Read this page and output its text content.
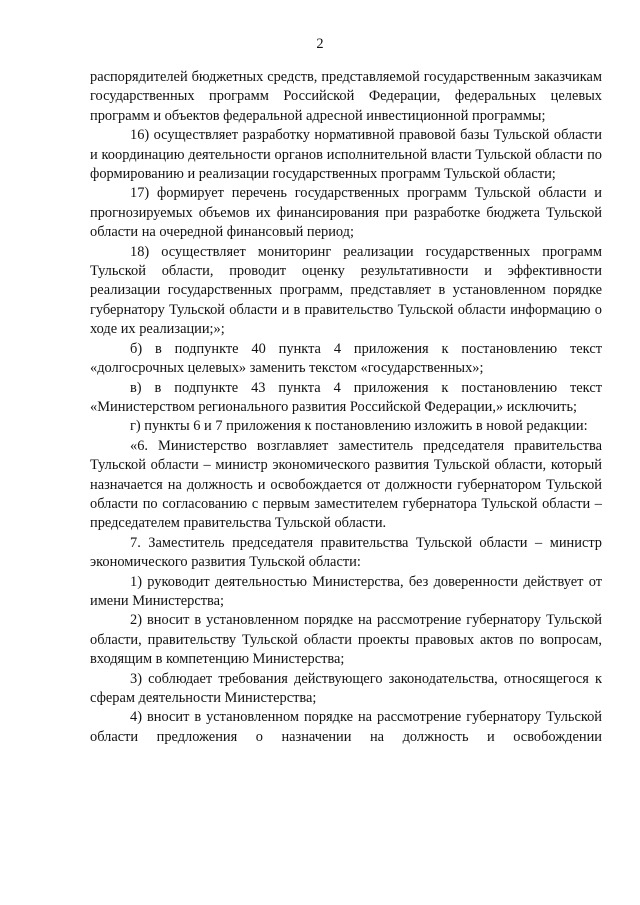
2

распорядителей бюджетных средств, представляемой государственным заказчикам государственных программ Российской Федерации, федеральных целевых программ и объектов федеральной адресной инвестиционной программы;

16) осуществляет разработку нормативной правовой базы Тульской области и координацию деятельности органов исполнительной власти Тульской области по формированию и реализации государственных программ Тульской области;

17) формирует перечень государственных программ Тульской области и прогнозируемых объемов их финансирования при разработке бюджета Тульской области на очередной финансовый период;

18) осуществляет мониторинг реализации государственных программ Тульской области, проводит оценку результативности и эффективности реализации государственных программ, представляет в установленном порядке губернатору Тульской области и в правительство Тульской области информацию о ходе их реализации;»;

б) в подпункте 40 пункта 4 приложения к постановлению текст «долгосрочных целевых» заменить текстом «государственных»;

в) в подпункте 43 пункта 4 приложения к постановлению текст «Министерством регионального развития Российской Федерации,» исключить;

г) пункты 6 и 7 приложения к постановлению изложить в новой редакции:

«6. Министерство возглавляет заместитель председателя правительства Тульской области – министр экономического развития Тульской области, который назначается на должность и освобождается от должности губернатором Тульской области по согласованию с первым заместителем губернатора Тульской области – председателем правительства Тульской области.

7. Заместитель председателя правительства Тульской области – министр экономического развития Тульской области:

1) руководит деятельностью Министерства, без доверенности действует от имени Министерства;

2) вносит в установленном порядке на рассмотрение губернатору Тульской области, правительству Тульской области проекты правовых актов по вопросам, входящим в компетенцию Министерства;

3) соблюдает требования действующего законодательства, относящегося к сферам деятельности Министерства;

4) вносит в установленном порядке на рассмотрение губернатору Тульской области предложения о назначении на должность и освобождении
